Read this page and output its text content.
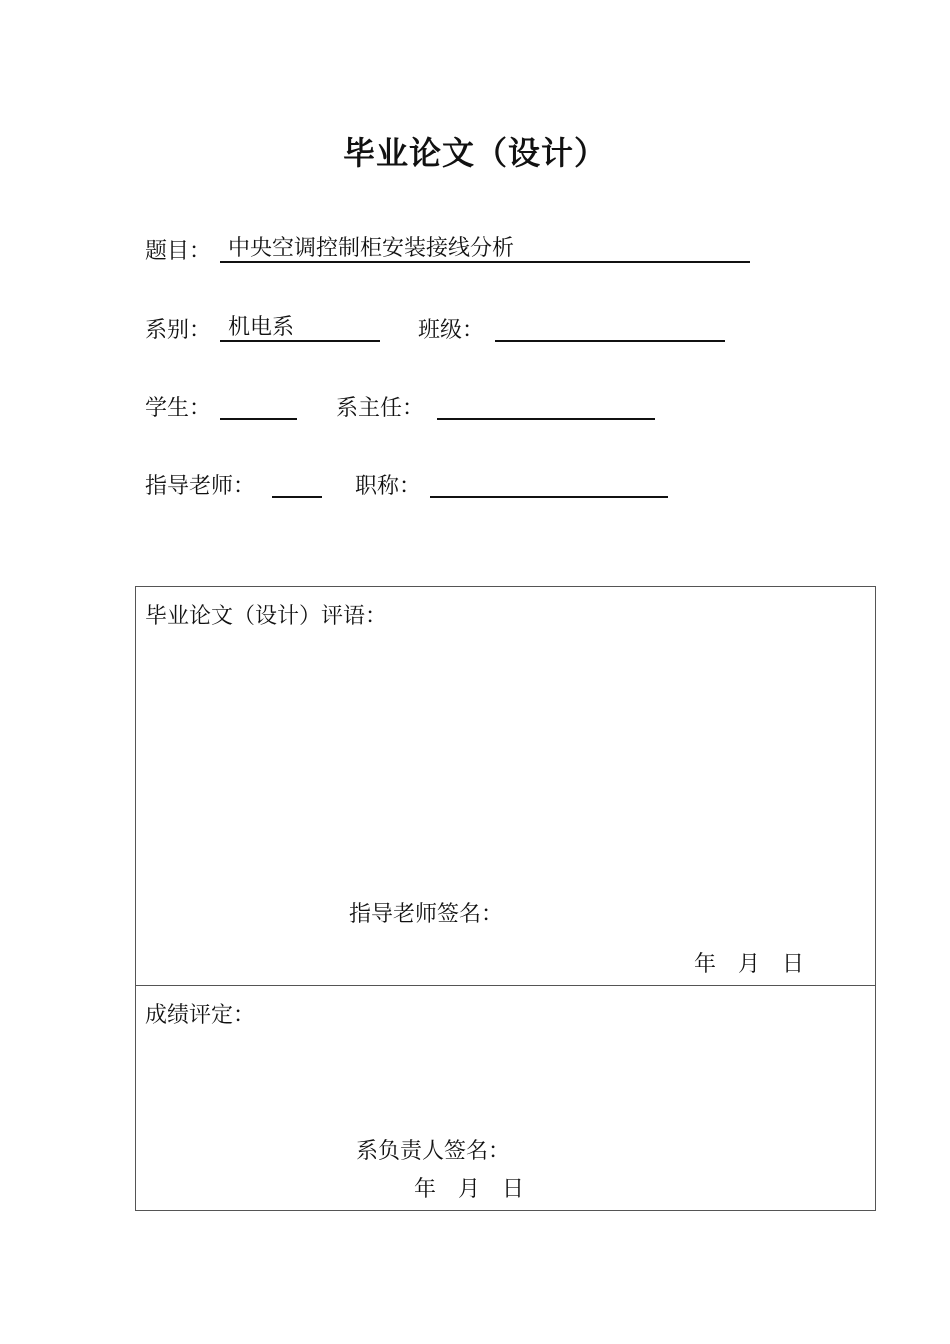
毕业论文（设计）
题目： 中央空调控制柜安装接线分析
系别： 机电系	班级：
学生：	系主任：
指导老师：	职称：
毕业论文（设计）评语：
指导老师签名：
年 月 日
成绩评定：
系负责人签名：
年 月 日
